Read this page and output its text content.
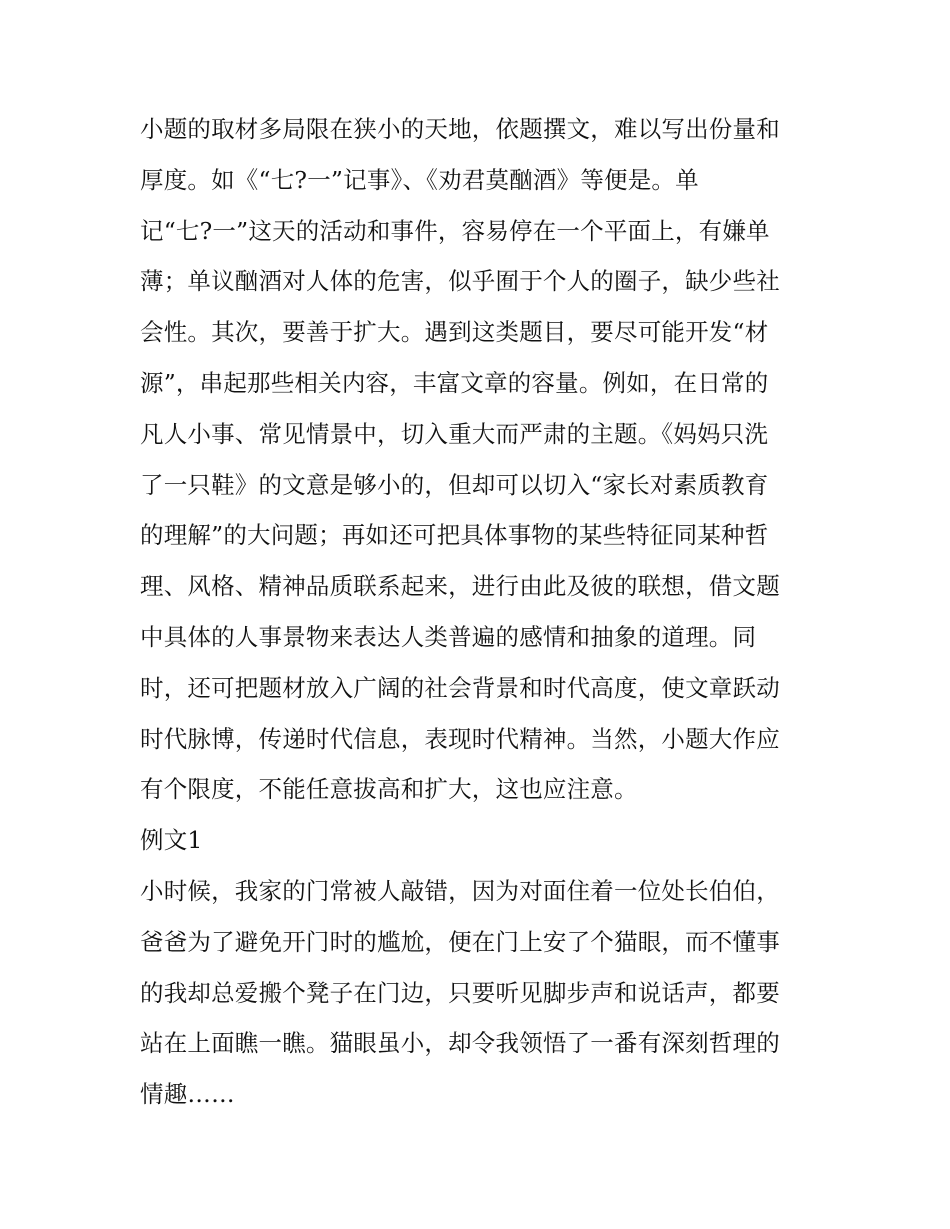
小题的取材多局限在狭小的天地，依题撰文，难以写出份量和
厚度。如《“七?一”记事》、《劝君莫酗酒》等便是。单
记“七?一”这天的活动和事件，容易停在一个平面上，有嫌单
薄；单议酗酒对人体的危害，似乎囿于个人的圈子，缺少些社
会性。其次，要善于扩大。遇到这类题目，要尽可能开发“材
源”，串起那些相关内容，丰富文章的容量。例如，在日常的
凡人小事、常见情景中，切入重大而严肃的主题。《妈妈只洗
了一只鞋》的文意是够小的，但却可以切入“家长对素质教育
的理解”的大问题；再如还可把具体事物的某些特征同某种哲
理、风格、精神品质联系起来，进行由此及彼的联想，借文题
中具体的人事景物来表达人类普遍的感情和抽象的道理。同
时，还可把题材放入广阔的社会背景和时代高度，使文章跃动
时代脉博，传递时代信息，表现时代精神。当然，小题大作应
有个限度，不能任意拔高和扩大，这也应注意。
例文1
小时候，我家的门常被人敲错，因为对面住着一位处长伯伯，
爸爸为了避免开门时的尴尬，便在门上安了个猫眼，而不懂事
的我却总爱搬个凳子在门边，只要听见脚步声和说话声，都要
站在上面瞧一瞧。猫眼虽小，却令我领悟了一番有深刻哲理的
情趣……
